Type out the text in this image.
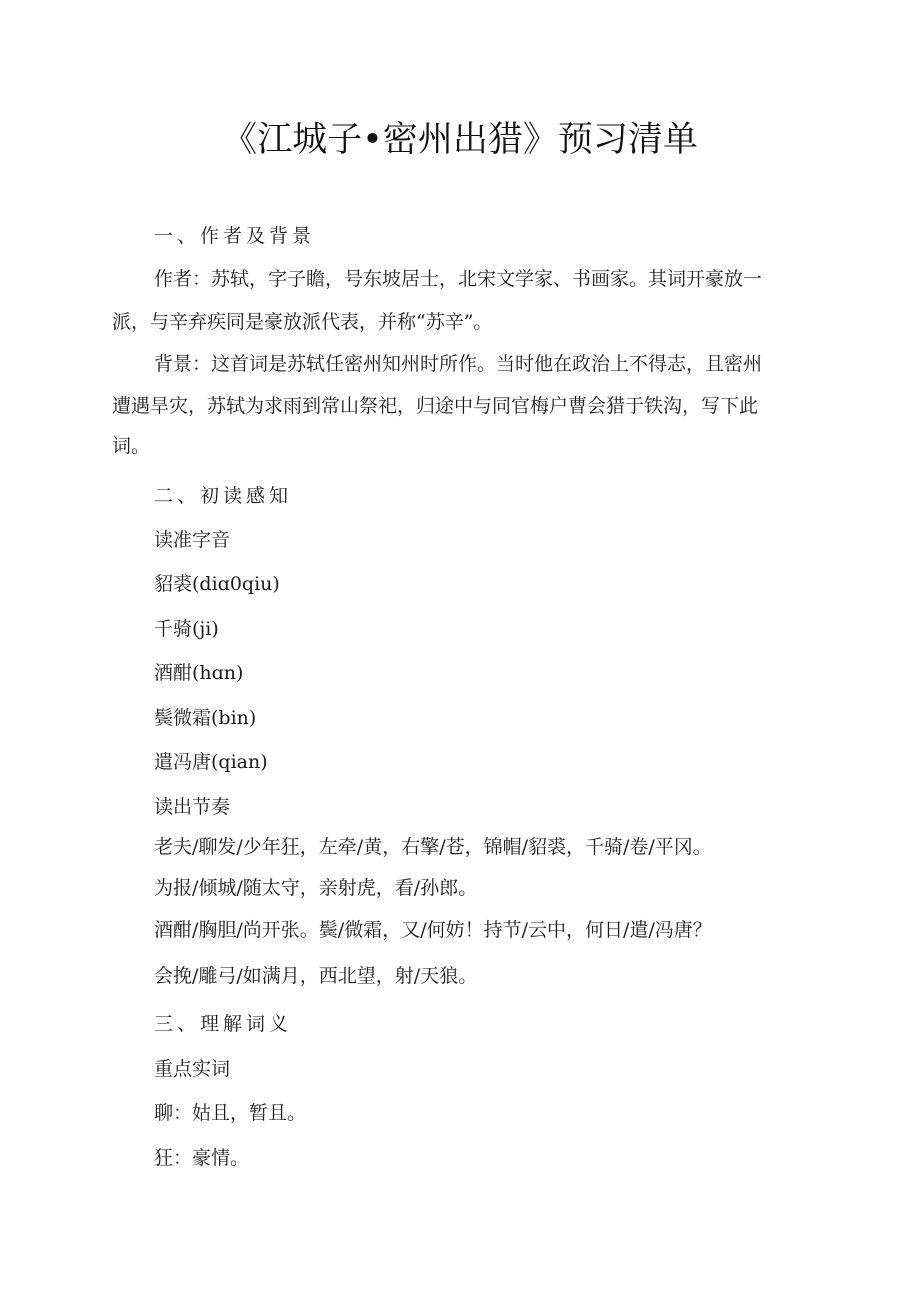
《江城子•密州出猎》预习清单
一、作者及背景
作者：苏轼，字子瞻，号东坡居士，北宋文学家、书画家。其词开豪放一
派，与辛弃疾同是豪放派代表，并称“苏辛”。
背景：这首词是苏轼任密州知州时所作。当时他在政治上不得志，且密州
遭遇旱灾，苏轼为求雨到常山祭祀，归途中与同官梅户曹会猎于铁沟，写下此
词。
二、初读感知
读准字音
貂裘(diɑ0qiu)
千骑(ji)
酒酣(hɑn)
鬓微霜(bin)
遣冯唐(qian)
读出节奏
老夫/聊发/少年狂，左牵/黄，右擎/苍，锦帽/貂裘，千骑/卷/平冈。
为报/倾城/随太守，亲射虎，看/孙郎。
酒酣/胸胆/尚开张。鬓/微霜，又/何妨！持节/云中，何日/遣/冯唐？
会挽/雕弓/如满月，西北望，射/天狼。
三、理解词义
重点实词
聊：姑且，暂且。
狂：豪情。
